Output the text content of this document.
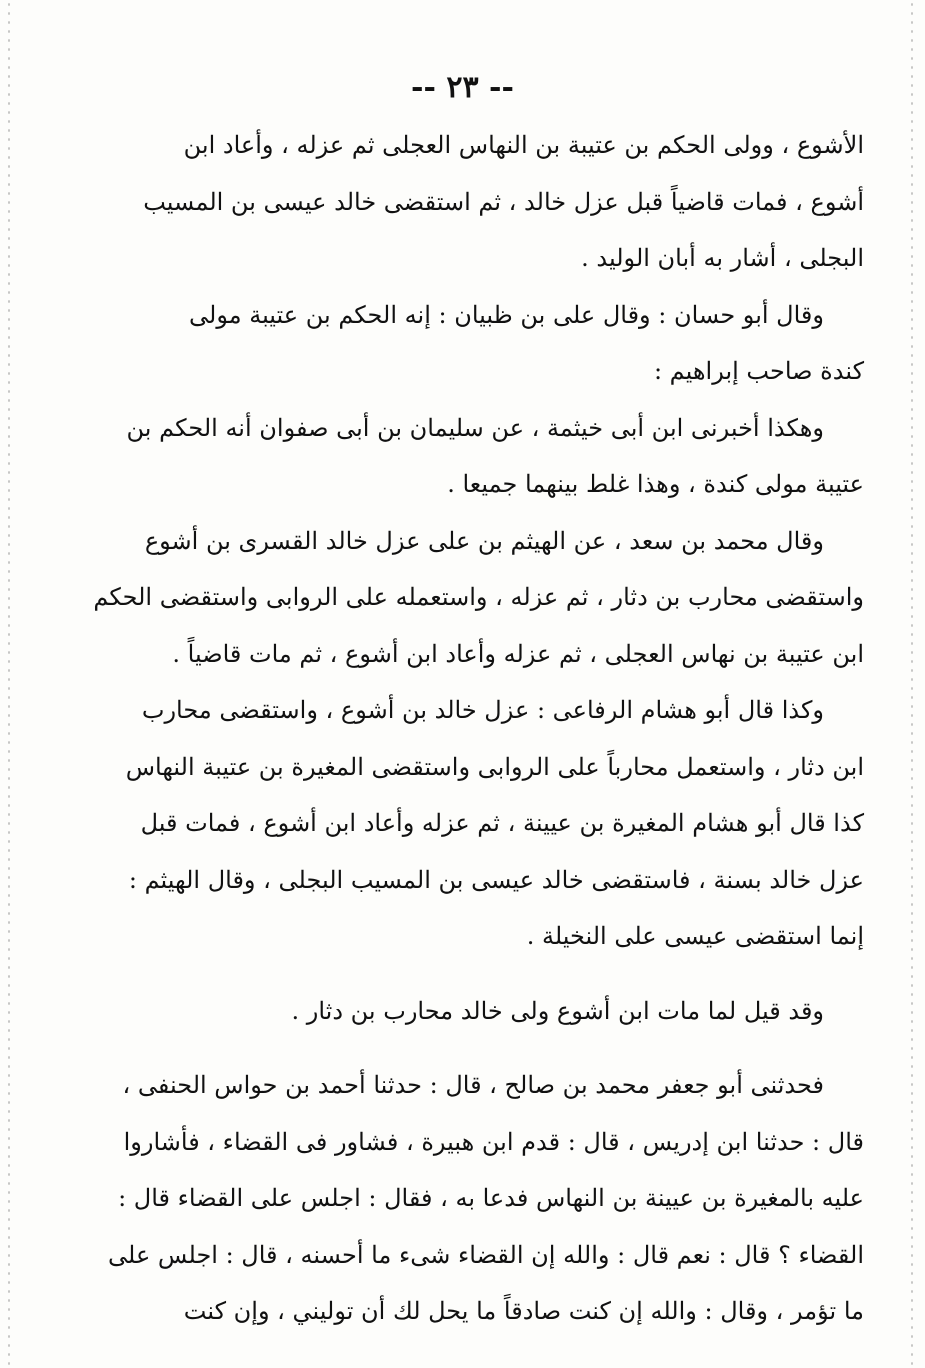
-- ٢٣ --
الأشوع ، وولى الحكم بن عتيبة بن النهاس العجلى ثم عزله ، وأعاد ابن
أشوع ، فمات قاضياً قبل عزل خالد ، ثم استقضى خالد عيسى بن المسيب
البجلى ، أشار به أبان الوليد .
وقال أبو حسان : وقال على بن ظبيان : إنه الحكم بن عتيبة مولى
كندة صاحب إبراهيم :
وهكذا أخبرنى ابن أبى خيثمة ، عن سليمان بن أبى صفوان أنه الحكم بن
عتيبة مولى كندة ، وهذا غلط بينهما جميعا .
وقال محمد بن سعد ، عن الهيثم بن على عزل خالد القسرى بن أشوع
واستقضى محارب بن دثار ، ثم عزله ، واستعمله على الروابى واستقضى الحكم
ابن عتيبة بن نهاس العجلى ، ثم عزله وأعاد ابن أشوع ، ثم مات قاضياً .
وكذا قال أبو هشام الرفاعى : عزل خالد بن أشوع ، واستقضى محارب
ابن دثار ، واستعمل محارباً على الروابى واستقضى المغيرة بن عتيبة النهاس
كذا قال أبو هشام المغيرة بن عيينة ، ثم عزله وأعاد ابن أشوع ، فمات قبل
عزل خالد بسنة ، فاستقضى خالد عيسى بن المسيب البجلى ، وقال الهيثم :
إنما استقضى عيسى على النخيلة .
وقد قيل لما مات ابن أشوع ولى خالد محارب بن دثار .
فحدثنى أبو جعفر محمد بن صالح ، قال : حدثنا أحمد بن حواس الحنفى ،
قال : حدثنا ابن إدريس ، قال : قدم ابن هبيرة ، فشاور فى القضاء ، فأشاروا
عليه بالمغيرة بن عيينة بن النهاس فدعا به ، فقال : اجلس على القضاء قال :
القضاء ؟ قال : نعم قال : والله إن القضاء شىء ما أحسنه ، قال : اجلس على
ما تؤمر ، وقال : والله إن كنت صادقاً ما يحل لك أن توليني ، وإن كنت
